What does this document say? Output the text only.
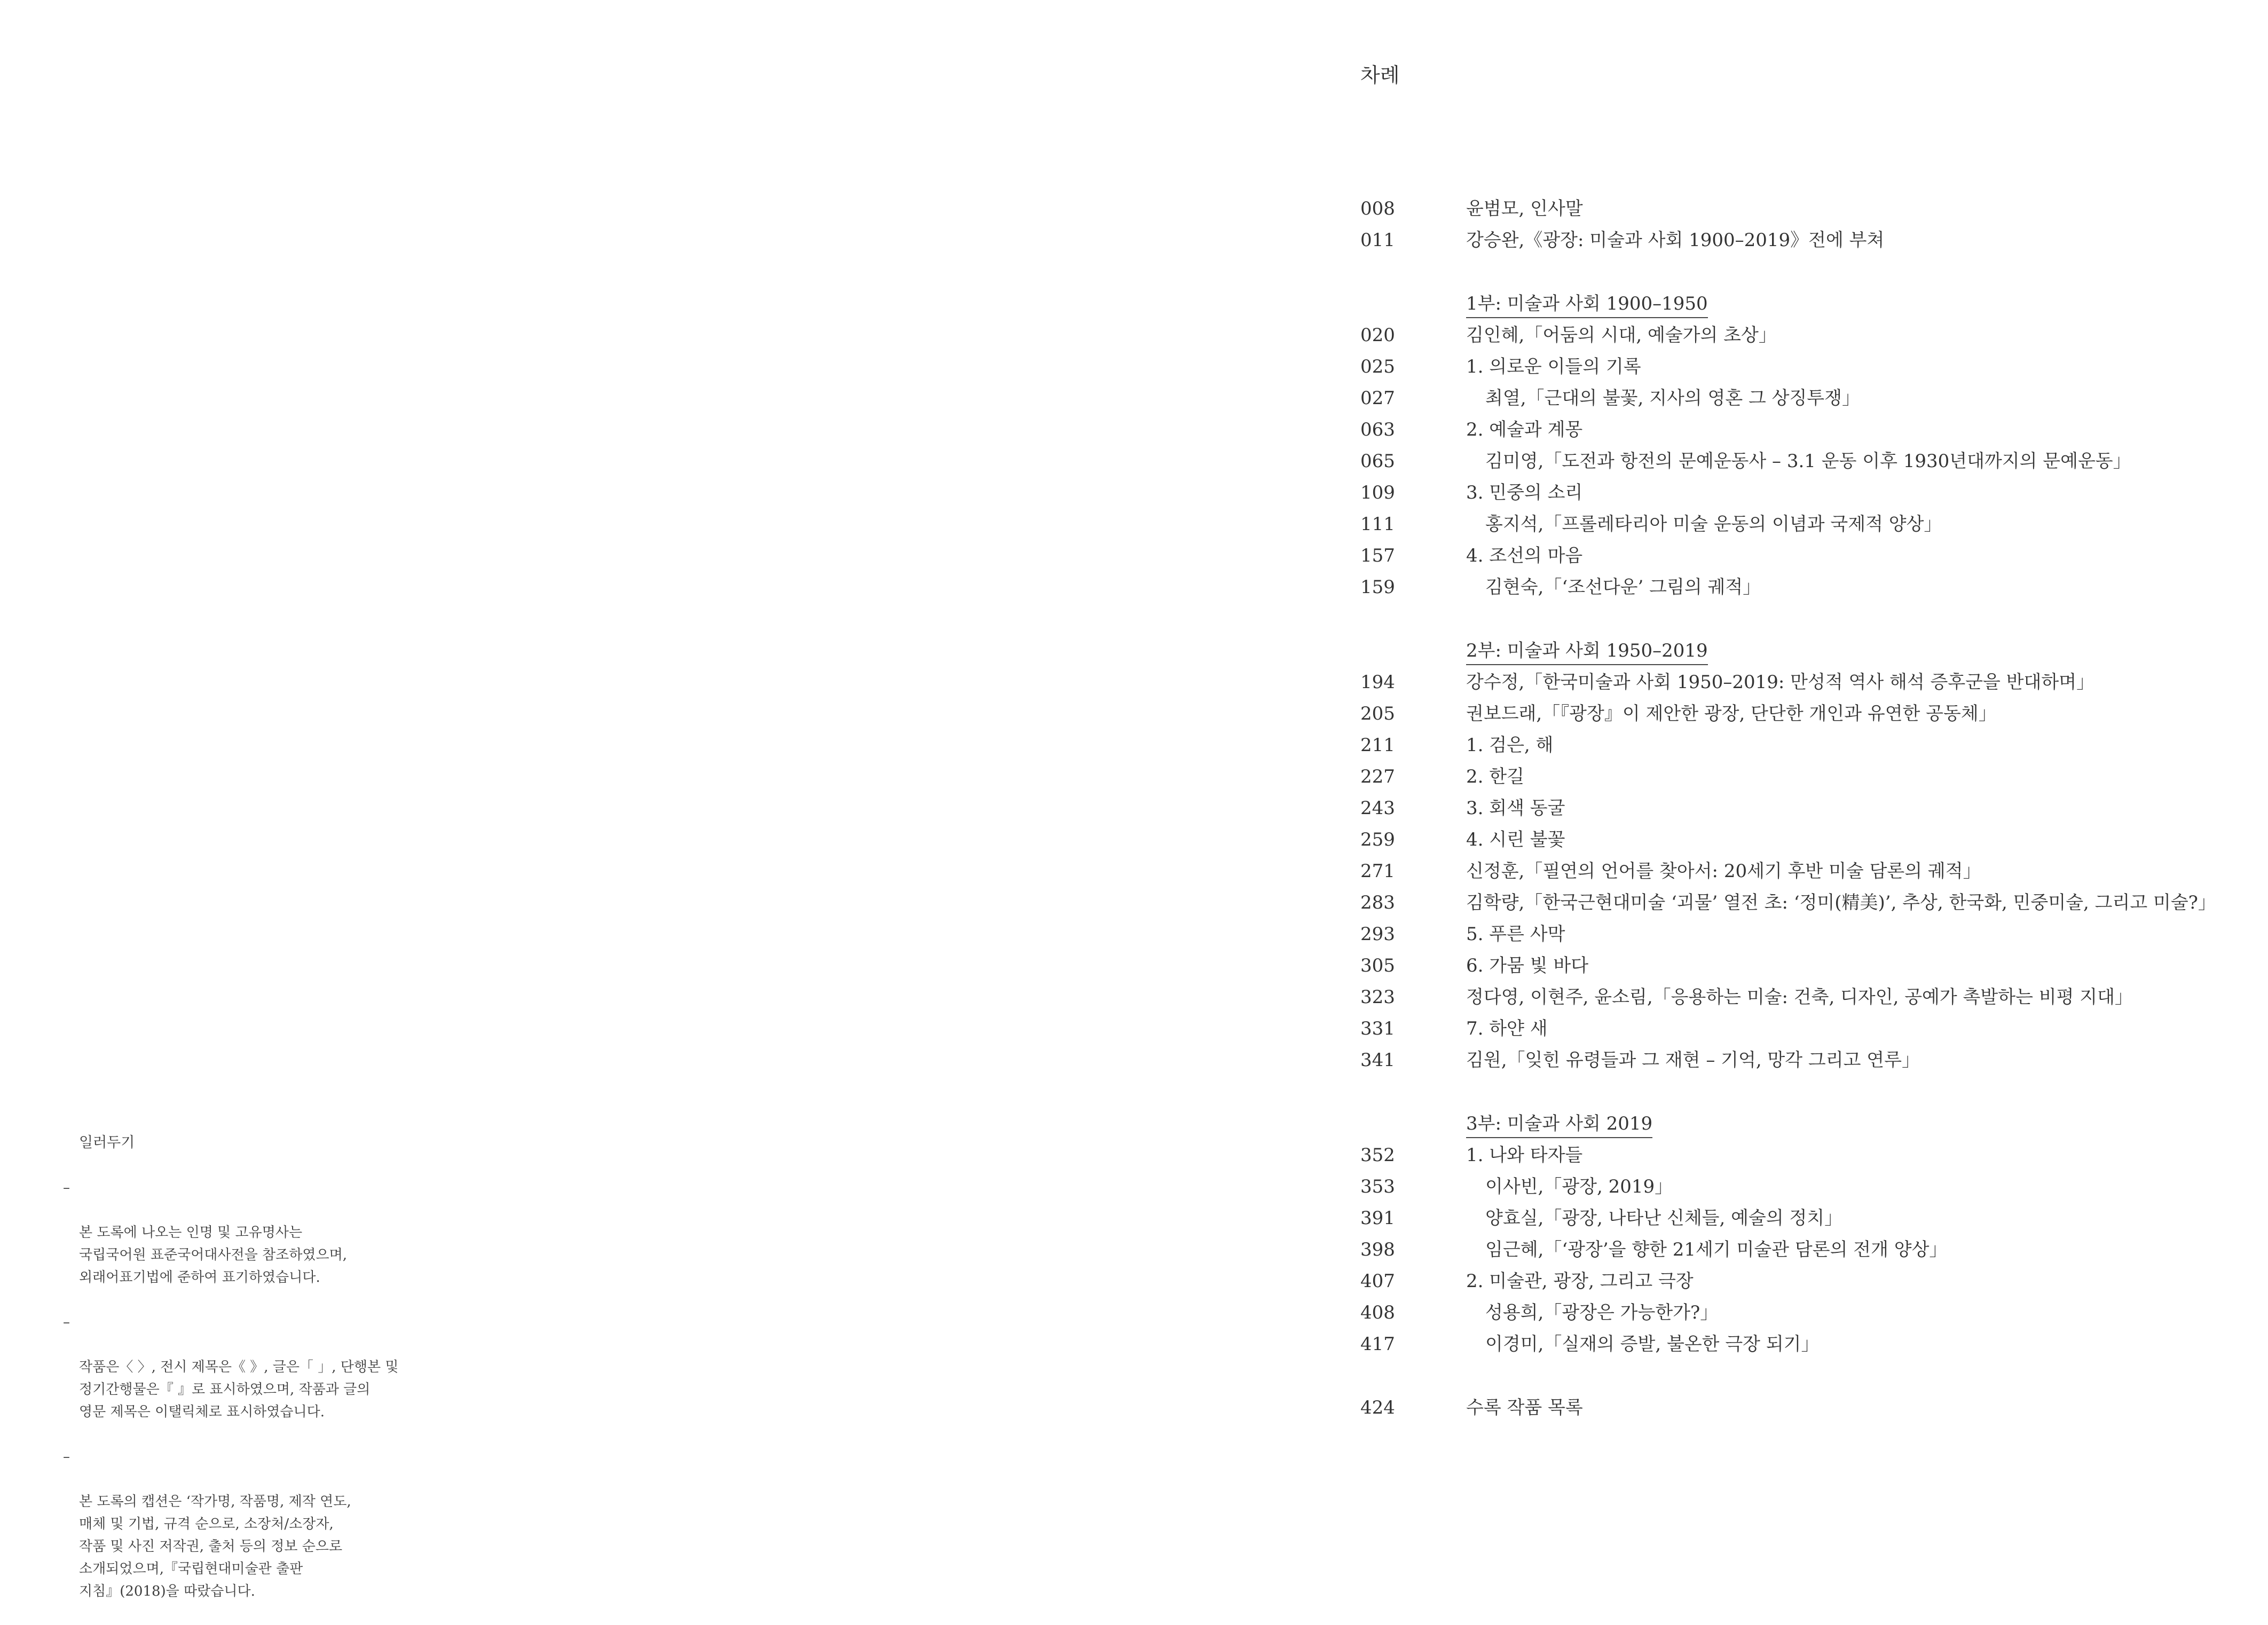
일러두기

–

본 도록에 나오는 인명 및 고유명사는
국립국어원 표준국어대사전을 참조하였으며,
외래어표기법에 준하여 표기하였습니다.

–

작품은〈 〉, 전시 제목은《 》, 글은「 」, 단행본 및
정기간행물은『 』로 표시하였으며, 작품과 글의
영문 제목은 이탤릭체로 표시하였습니다.

–

본 도록의 캡션은 ‘작가명, 작품명, 제작 연도,
매체 및 기법, 규격 순으로, 소장처/소장자,
작품 및 사진 저작권, 출처 등의 정보 순으로
소개되었으며,『국립현대미술관 출판
지침』(2018)을 따랐습니다.

차례
008	윤범모, 인사말
011	강승완,《광장: 미술과 사회 1900–2019》전에 부쳐
1부: 미술과 사회 1900–1950
020	김인혜,「어둠의 시대, 예술가의 초상」
025	1. 의로운 이들의 기록
027	최열,「근대의 불꽃, 지사의 영혼 그 상징투쟁」
063	2. 예술과 계몽
065	김미영,「도전과 항전의 문예운동사 – 3.1 운동 이후 1930년대까지의 문예운동」
109	3. 민중의 소리
111	홍지석,「프롤레타리아 미술 운동의 이념과 국제적 양상」
157	4. 조선의 마음
159	김현숙,「‘조선다운’ 그림의 궤적」
2부: 미술과 사회 1950–2019
194	강수정,「한국미술과 사회 1950–2019: 만성적 역사 해석 증후군을 반대하며」
205	권보드래,「『광장』이 제안한 광장, 단단한 개인과 유연한 공동체」
211	1. 검은, 해
227	2. 한길
243	3. 회색 동굴
259	4. 시린 불꽃
271	신정훈,「필연의 언어를 찾아서: 20세기 후반 미술 담론의 궤적」
283	김학량,「한국근현대미술 ‘괴물’ 열전 초: ‘정미(精美)’, 추상, 한국화, 민중미술, 그리고 미술?」
293	5. 푸른 사막
305	6. 가뭄 빛 바다
323	정다영, 이현주, 윤소림,「응용하는 미술: 건축, 디자인, 공예가 촉발하는 비평 지대」
331	7. 하얀 새
341	김원,「잊힌 유령들과 그 재현 – 기억, 망각 그리고 연루」
3부: 미술과 사회 2019
352	1. 나와 타자들
353	이사빈,「광장, 2019」
391	양효실,「광장, 나타난 신체들, 예술의 정치」
398	임근혜,「‘광장’을 향한 21세기 미술관 담론의 전개 양상」
407	2. 미술관, 광장, 그리고 극장
408	성용희,「광장은 가능한가?」
417	이경미,「실재의 증발, 불온한 극장 되기」
424	수록 작품 목록
